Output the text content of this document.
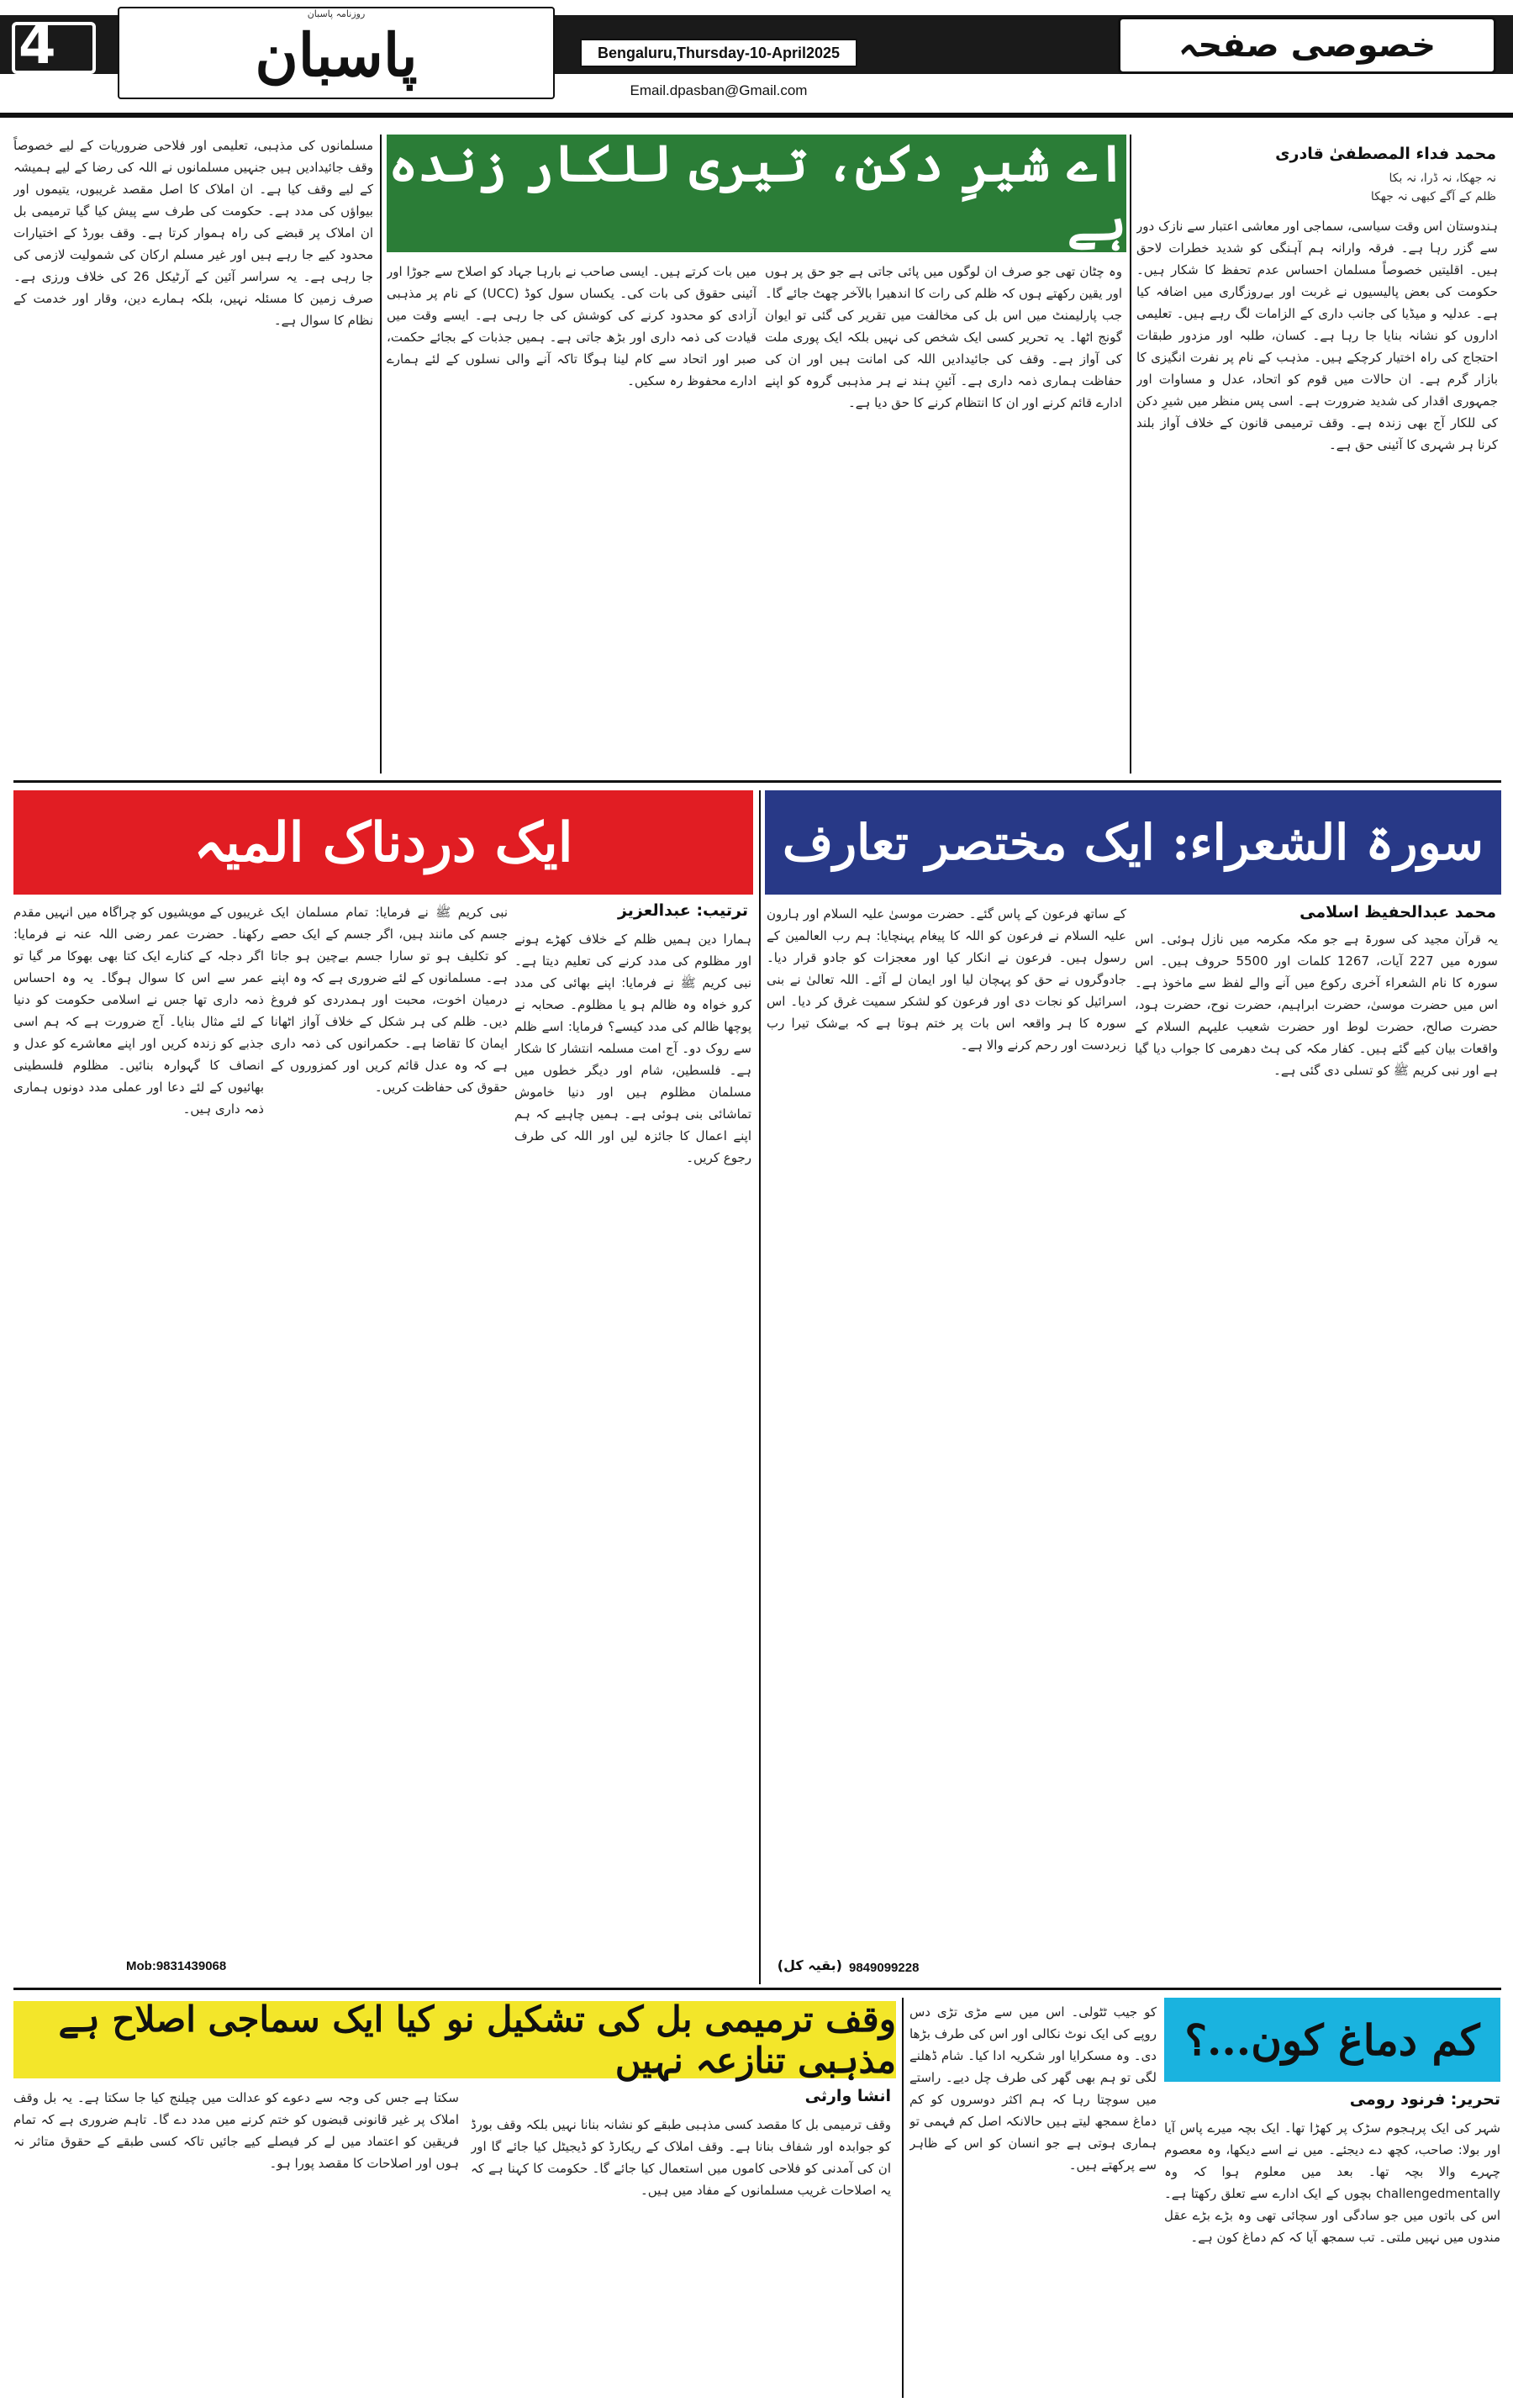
4
روزنامہ پاسبان
پاسبان	Bengaluru,Thursday-10-April2025
Email.dpasban@Gmail.com
خصوصی صفحہ
اے شیرِ دکن، تیری للکار زندہ ہے
محمد فداء المصطفیٰ قادری
نہ جھکا، نہ ڈرا، نہ بکا
ظلم کے آگے کبھی نہ جھکا
ہندوستان اس وقت سیاسی، سماجی اور معاشی اعتبار سے نازک دور سے گزر رہا ہے۔ فرقہ وارانہ ہم آہنگی کو شدید خطرات لاحق ہیں۔ اقلیتیں خصوصاً مسلمان احساس عدم تحفظ کا شکار ہیں۔ حکومت کی بعض پالیسیوں نے غربت اور بےروزگاری میں اضافہ کیا ہے۔ عدلیہ و میڈیا کی جانب داری کے الزامات لگ رہے ہیں۔ تعلیمی اداروں کو نشانہ بنایا جا رہا ہے۔ کسان، طلبہ اور مزدور طبقات احتجاج کی راہ اختیار کرچکے ہیں۔ مذہب کے نام پر نفرت انگیزی کا بازار گرم ہے۔ ان حالات میں قوم کو اتحاد، عدل و مساوات اور جمہوری اقدار کی شدید ضرورت ہے۔ اسی پس منظر میں شیرِ دکن کی للکار آج بھی زندہ ہے۔ وقف ترمیمی قانون کے خلاف آواز بلند کرنا ہر شہری کا آئینی حق ہے۔
وہ چٹان تھی جو صرف ان لوگوں میں پائی جاتی ہے جو حق پر ہوں اور یقین رکھتے ہوں کہ ظلم کی رات کا اندھیرا بالآخر چھٹ جائے گا۔ جب پارلیمنٹ میں اس بل کی مخالفت میں تقریر کی گئی تو ایوان گونج اٹھا۔ یہ تحریر کسی ایک شخص کی نہیں بلکہ ایک پوری ملت کی آواز ہے۔ وقف کی جائیدادیں اللہ کی امانت ہیں اور ان کی حفاظت ہماری ذمہ داری ہے۔ آئینِ ہند نے ہر مذہبی گروہ کو اپنے ادارے قائم کرنے اور ان کا انتظام کرنے کا حق دیا ہے۔
میں بات کرتے ہیں۔ ایسی صاحب نے بارہا جہاد کو اصلاح سے جوڑا اور آئینی حقوق کی بات کی۔ یکساں سول کوڈ (UCC) کے نام پر مذہبی آزادی کو محدود کرنے کی کوشش کی جا رہی ہے۔ ایسے وقت میں قیادت کی ذمہ داری اور بڑھ جاتی ہے۔ ہمیں جذبات کے بجائے حکمت، صبر اور اتحاد سے کام لینا ہوگا تاکہ آنے والی نسلوں کے لئے ہمارے ادارے محفوظ رہ سکیں۔
مسلمانوں کی مذہبی، تعلیمی اور فلاحی ضروریات کے لیے خصوصاً وقف جائیدادیں ہیں جنہیں مسلمانوں نے اللہ کی رضا کے لیے ہمیشہ کے لیے وقف کیا ہے۔ ان املاک کا اصل مقصد غریبوں، یتیموں اور بیواؤں کی مدد ہے۔ حکومت کی طرف سے پیش کیا گیا ترمیمی بل ان املاک پر قبضے کی راہ ہموار کرتا ہے۔ وقف بورڈ کے اختیارات محدود کیے جا رہے ہیں اور غیر مسلم ارکان کی شمولیت لازمی کی جا رہی ہے۔ یہ سراسر آئین کے آرٹیکل 26 کی خلاف ورزی ہے۔ صرف زمین کا مسئلہ نہیں، بلکہ ہمارے دین، وقار اور خدمت کے نظام کا سوال ہے۔
ایک دردناک المیہ
ترتیب: عبدالعزیز
ہمارا دین ہمیں ظلم کے خلاف کھڑے ہونے اور مظلوم کی مدد کرنے کی تعلیم دیتا ہے۔ نبی کریم ﷺ نے فرمایا: اپنے بھائی کی مدد کرو خواہ وہ ظالم ہو یا مظلوم۔ صحابہ نے پوچھا ظالم کی مدد کیسے؟ فرمایا: اسے ظلم سے روک دو۔ آج امت مسلمہ انتشار کا شکار ہے۔ فلسطین، شام اور دیگر خطوں میں مسلمان مظلوم ہیں اور دنیا خاموش تماشائی بنی ہوئی ہے۔ ہمیں چاہیے کہ ہم اپنے اعمال کا جائزہ لیں اور اللہ کی طرف رجوع کریں۔
نبی کریم ﷺ نے فرمایا: تمام مسلمان ایک جسم کی مانند ہیں، اگر جسم کے ایک حصے کو تکلیف ہو تو سارا جسم بےچین ہو جاتا ہے۔ مسلمانوں کے لئے ضروری ہے کہ وہ اپنے درمیان اخوت، محبت اور ہمدردی کو فروغ دیں۔ ظلم کی ہر شکل کے خلاف آواز اٹھانا ایمان کا تقاضا ہے۔ حکمرانوں کی ذمہ داری ہے کہ وہ عدل قائم کریں اور کمزوروں کے حقوق کی حفاظت کریں۔
غریبوں کے مویشیوں کو چراگاہ میں انہیں مقدم رکھنا۔ حضرت عمر رضی اللہ عنہ نے فرمایا: اگر دجلہ کے کنارے ایک کتا بھی بھوکا مر گیا تو عمر سے اس کا سوال ہوگا۔ یہ وہ احساس ذمہ داری تھا جس نے اسلامی حکومت کو دنیا کے لئے مثال بنایا۔ آج ضرورت ہے کہ ہم اسی جذبے کو زندہ کریں اور اپنے معاشرے کو عدل و انصاف کا گہوارہ بنائیں۔ مظلوم فلسطینی بھائیوں کے لئے دعا اور عملی مدد دونوں ہماری ذمہ داری ہیں۔
Mob:9831439068
سورۃ الشعراء: ایک مختصر تعارف
محمد عبدالحفیظ اسلامی
یہ قرآن مجید کی سورۃ ہے جو مکہ مکرمہ میں نازل ہوئی۔ اس سورہ میں 227 آیات، 1267 کلمات اور 5500 حروف ہیں۔ اس سورہ کا نام الشعراء آخری رکوع میں آنے والے لفظ سے ماخوذ ہے۔ اس میں حضرت موسیٰ، حضرت ابراہیم، حضرت نوح، حضرت ہود، حضرت صالح، حضرت لوط اور حضرت شعیب علیہم السلام کے واقعات بیان کیے گئے ہیں۔ کفار مکہ کی ہٹ دھرمی کا جواب دیا گیا ہے اور نبی کریم ﷺ کو تسلی دی گئی ہے۔
کے ساتھ فرعون کے پاس گئے۔ حضرت موسیٰ علیہ السلام اور ہارون علیہ السلام نے فرعون کو اللہ کا پیغام پہنچایا: ہم رب العالمین کے رسول ہیں۔ فرعون نے انکار کیا اور معجزات کو جادو قرار دیا۔ جادوگروں نے حق کو پہچان لیا اور ایمان لے آئے۔ اللہ تعالیٰ نے بنی اسرائیل کو نجات دی اور فرعون کو لشکر سمیت غرق کر دیا۔ اس سورہ کا ہر واقعہ اس بات پر ختم ہوتا ہے کہ بےشک تیرا رب زبردست اور رحم کرنے والا ہے۔
9849099228
(بقیہ کل)
وقف ترمیمی بل کی تشکیل نو کیا ایک سماجی اصلاح ہے مذہبی تنازعہ نہیں
انشا وارثی
وقف ترمیمی بل کا مقصد کسی مذہبی طبقے کو نشانہ بنانا نہیں بلکہ وقف بورڈ کو جوابدہ اور شفاف بنانا ہے۔ وقف املاک کے ریکارڈ کو ڈیجیٹل کیا جائے گا اور ان کی آمدنی کو فلاحی کاموں میں استعمال کیا جائے گا۔ حکومت کا کہنا ہے کہ یہ اصلاحات غریب مسلمانوں کے مفاد میں ہیں۔
سکتا ہے جس کی وجہ سے دعوے کو عدالت میں چیلنج کیا جا سکتا ہے۔ یہ بل وقف املاک پر غیر قانونی قبضوں کو ختم کرنے میں مدد دے گا۔ تاہم ضروری ہے کہ تمام فریقین کو اعتماد میں لے کر فیصلے کیے جائیں تاکہ کسی طبقے کے حقوق متاثر نہ ہوں اور اصلاحات کا مقصد پورا ہو۔
کم دماغ کون...؟
تحریر: فرنود رومی
شہر کی ایک پرہجوم سڑک پر کھڑا تھا۔ ایک بچہ میرے پاس آیا اور بولا: صاحب، کچھ دے دیجئے۔ میں نے اسے دیکھا، وہ معصوم چہرے والا بچہ تھا۔ بعد میں معلوم ہوا کہ وہ challengedmentally بچوں کے ایک ادارے سے تعلق رکھتا ہے۔ اس کی باتوں میں جو سادگی اور سچائی تھی وہ بڑے بڑے عقل مندوں میں نہیں ملتی۔ تب سمجھ آیا کہ کم دماغ کون ہے۔
کو جیب ٹٹولی۔ اس میں سے مڑی تڑی دس روپے کی ایک نوٹ نکالی اور اس کی طرف بڑھا دی۔ وہ مسکرایا اور شکریہ ادا کیا۔ شام ڈھلنے لگی تو ہم بھی گھر کی طرف چل دیے۔ راستے میں سوچتا رہا کہ ہم اکثر دوسروں کو کم دماغ سمجھ لیتے ہیں حالانکہ اصل کم فہمی تو ہماری ہوتی ہے جو انسان کو اس کے ظاہر سے پرکھتے ہیں۔
